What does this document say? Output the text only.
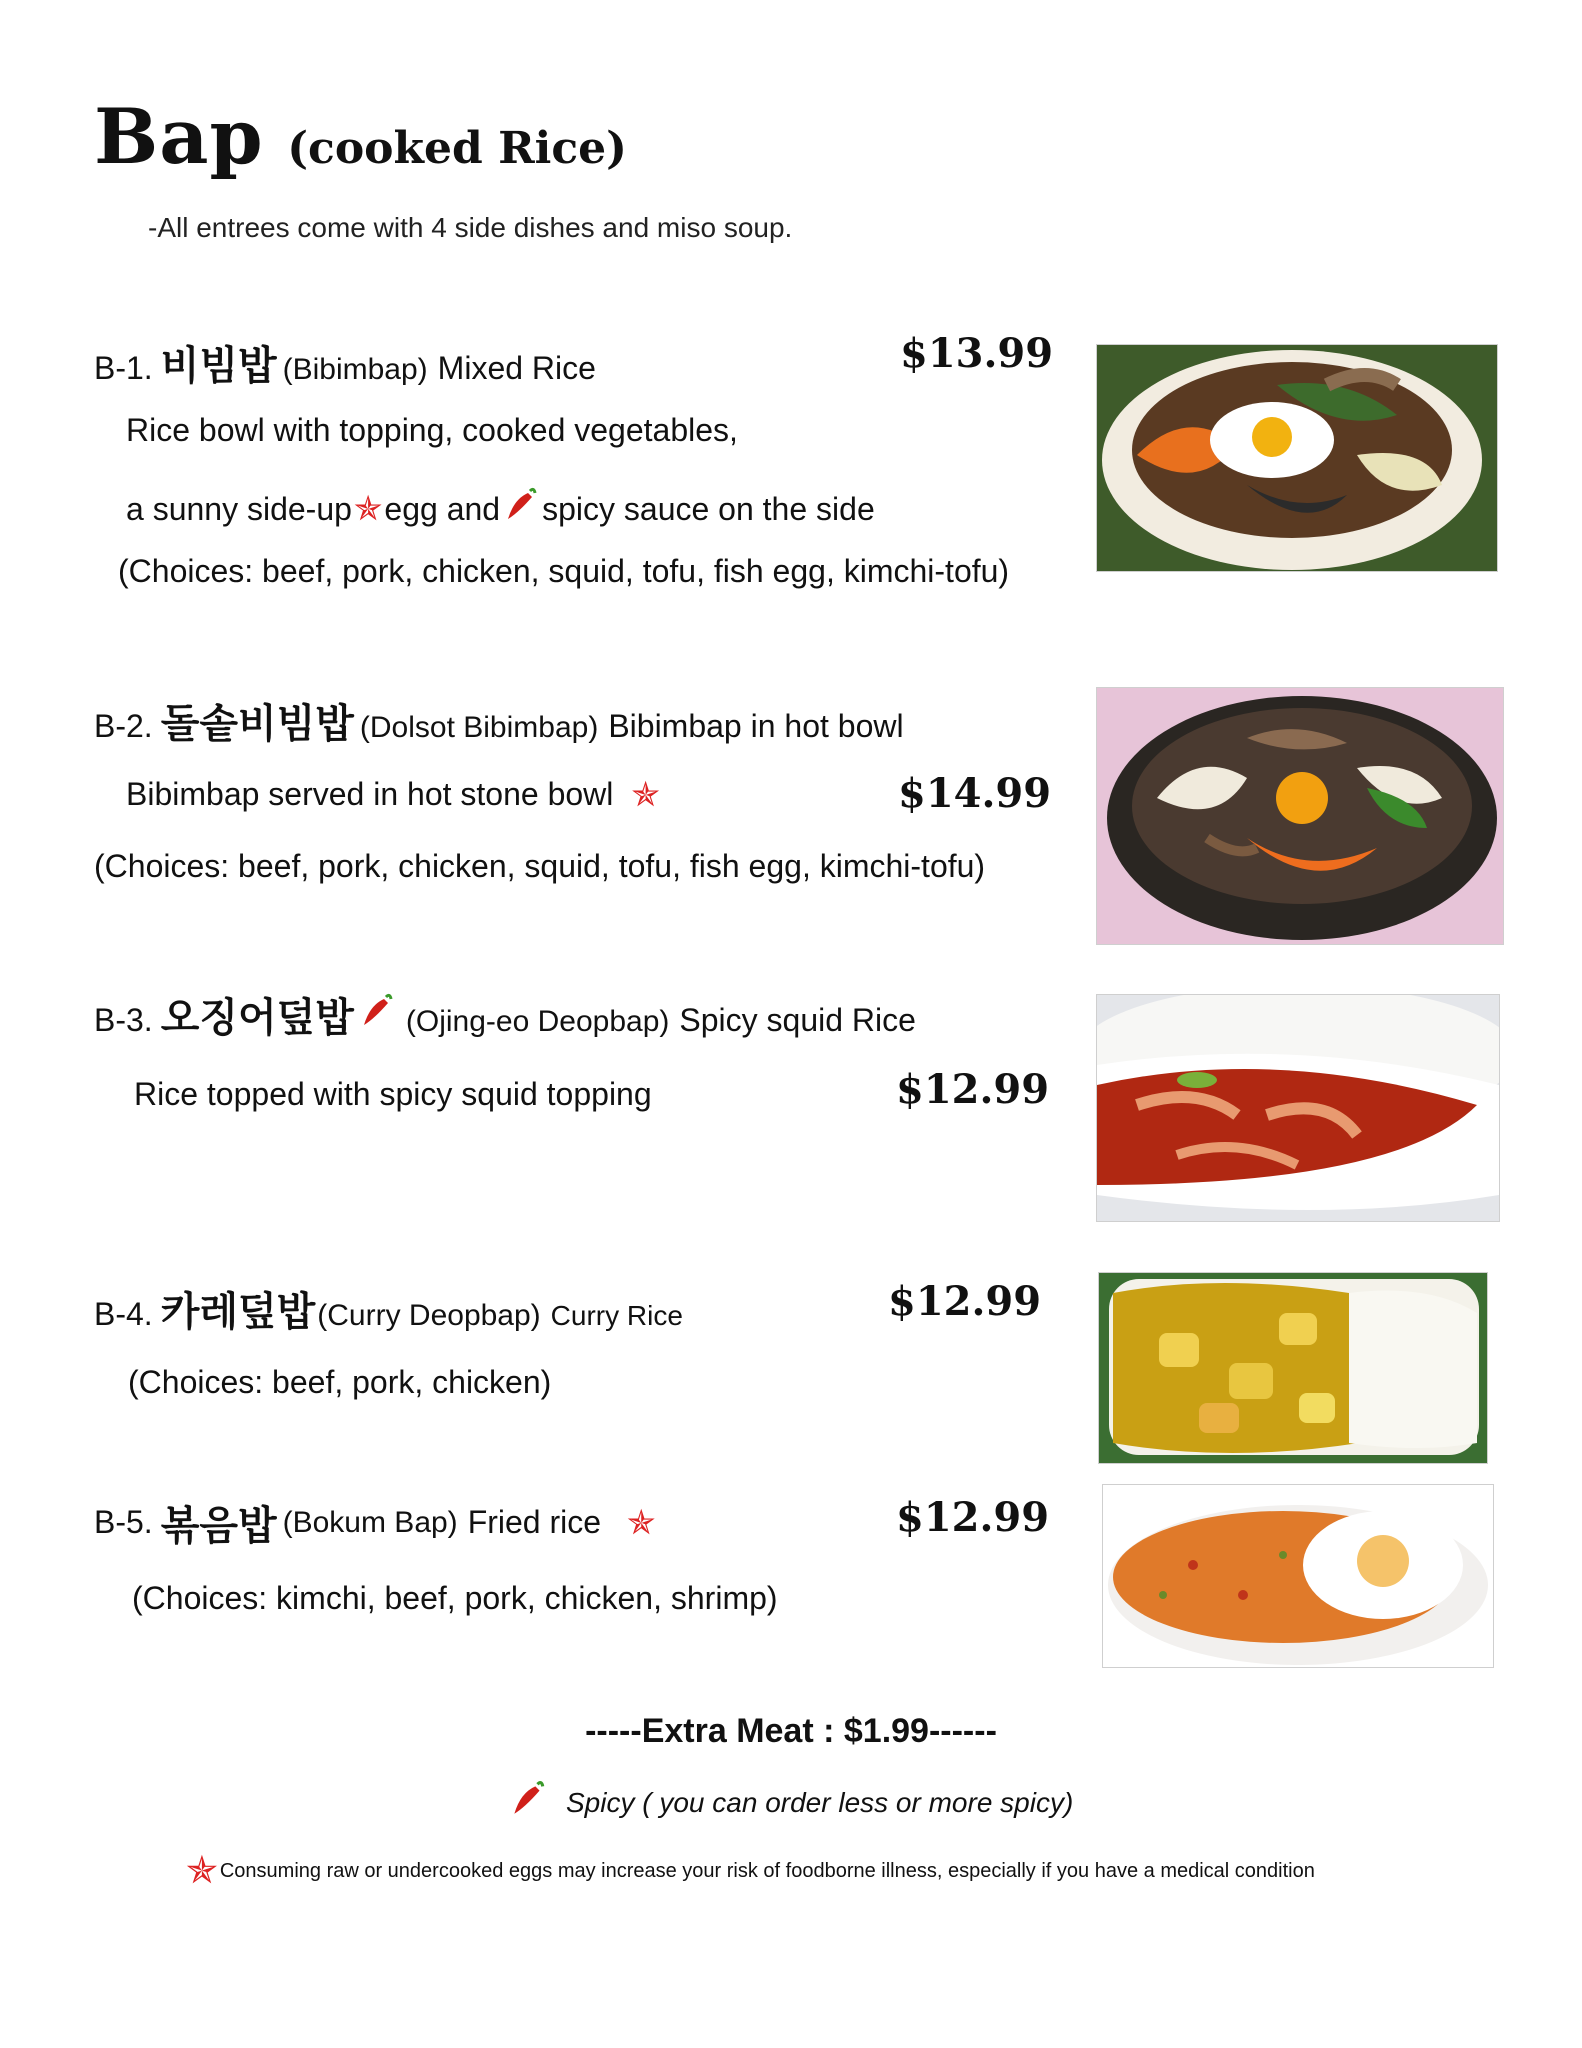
Bap (cooked Rice)
-All entrees come with 4 side dishes and miso soup.
B-1. 비빔밥 (Bibimbap) Mixed Rice	$13.99
Rice bowl with topping, cooked vegetables,
a sunny side-up ✯ egg and spicy sauce on the side
(Choices: beef, pork, chicken, squid, tofu, fish egg, kimchi-tofu)
B-2. 돌솥비빔밥 (Dolsot Bibimbap) Bibimbap in hot bowl
Bibimbap served in hot stone bowl ✯	$14.99
(Choices: beef, pork, chicken, squid, tofu, fish egg, kimchi-tofu)
B-3. 오징어덮밥 (Ojing-eo Deopbap) Spicy squid Rice
Rice topped with spicy squid topping	$12.99
B-4. 카레덮밥 (Curry Deopbap) Curry Rice	$12.99
(Choices: beef, pork, chicken)
B-5. 볶음밥 (Bokum Bap) Fried rice ✯	$12.99
(Choices: kimchi, beef, pork, chicken, shrimp)
-----Extra Meat : $1.99------
Spicy ( you can order less or more spicy)
✯ Consuming raw or undercooked eggs may increase your risk of foodborne illness, especially if you have a medical condition
